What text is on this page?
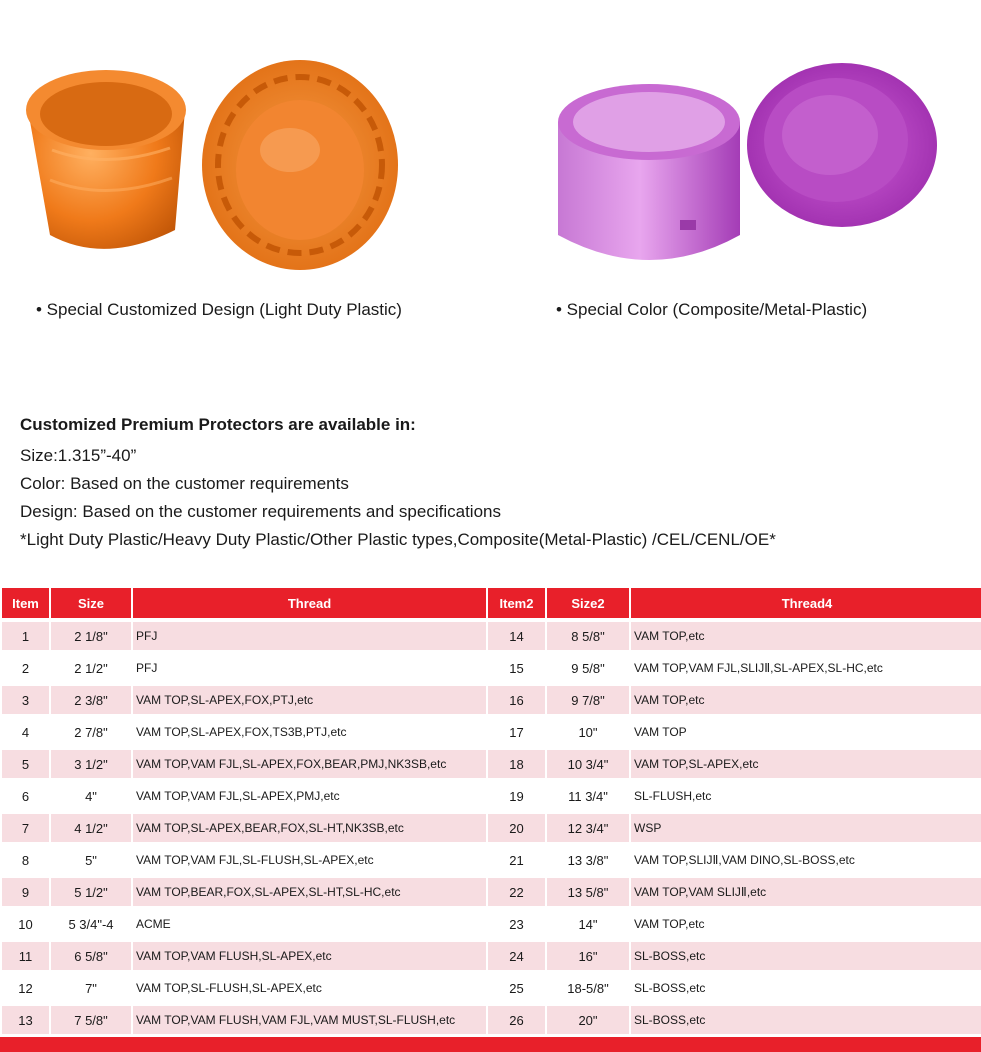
• Special Customized Design (Light Duty Plastic)	• Special Color (Composite/Metal-Plastic)
Customized Premium Protectors are available in:
Size:1.315”-40”
Color: Based on the customer requirements
Design: Based on the customer requirements and specifications
*Light Duty Plastic/Heavy Duty Plastic/Other Plastic types,Composite(Metal-Plastic) /CEL/CENL/OE*
Item	Size	Thread	Item2	Size2	Thread4
1	2 1/8"	PFJ	14	8 5/8"	VAM TOP,etc
2	2 1/2"	PFJ	15	9 5/8"	VAM TOP,VAM FJL,SLIJⅡ,SL-APEX,SL-HC,etc
3	2 3/8"	VAM TOP,SL-APEX,FOX,PTJ,etc	16	9 7/8"	VAM TOP,etc
4	2 7/8"	VAM TOP,SL-APEX,FOX,TS3B,PTJ,etc	17	10"	VAM TOP
5	3 1/2"	VAM TOP,VAM FJL,SL-APEX,FOX,BEAR,PMJ,NK3SB,etc	18	10 3/4"	VAM TOP,SL-APEX,etc
6	4"	VAM TOP,VAM FJL,SL-APEX,PMJ,etc	19	11 3/4"	SL-FLUSH,etc
7	4 1/2"	VAM TOP,SL-APEX,BEAR,FOX,SL-HT,NK3SB,etc	20	12 3/4"	WSP
8	5"	VAM TOP,VAM FJL,SL-FLUSH,SL-APEX,etc	21	13 3/8"	VAM TOP,SLIJⅡ,VAM DINO,SL-BOSS,etc
9	5 1/2"	VAM TOP,BEAR,FOX,SL-APEX,SL-HT,SL-HC,etc	22	13 5/8"	VAM TOP,VAM SLIJⅡ,etc
10	5 3/4"-4	ACME	23	14"	VAM TOP,etc
11	6 5/8"	VAM TOP,VAM FLUSH,SL-APEX,etc	24	16"	SL-BOSS,etc
12	7"	VAM TOP,SL-FLUSH,SL-APEX,etc	25	18-5/8"	SL-BOSS,etc
13	7 5/8"	VAM TOP,VAM FLUSH,VAM FJL,VAM MUST,SL-FLUSH,etc	26	20"	SL-BOSS,etc
